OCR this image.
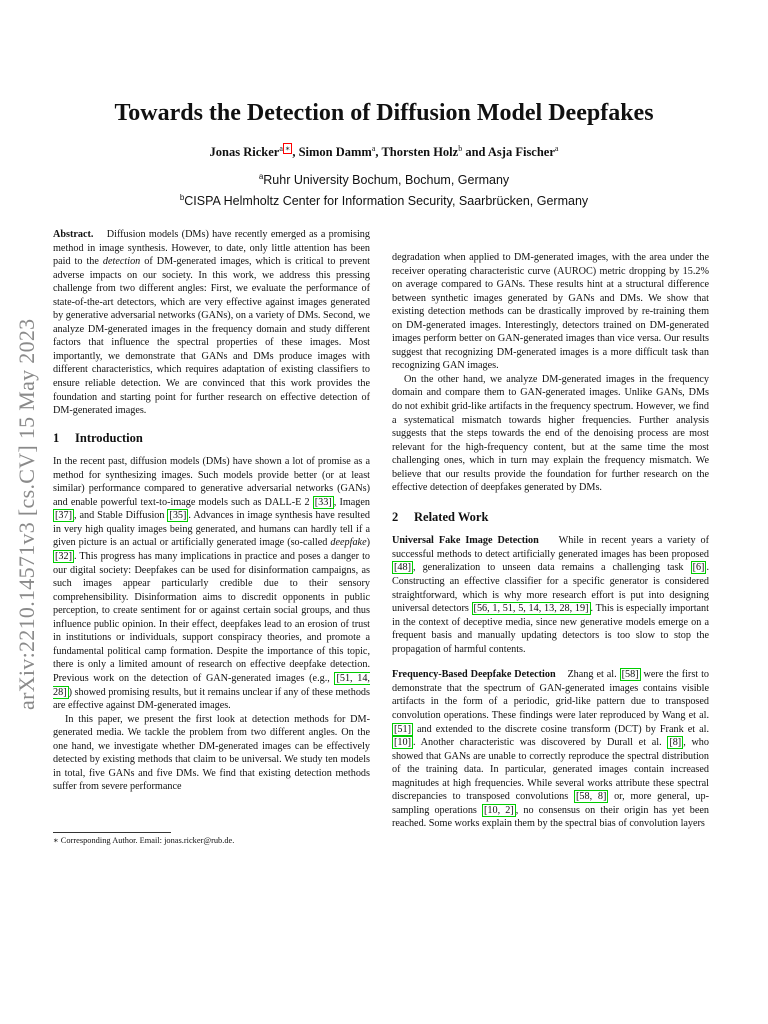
arXiv:2210.14571v3 [cs.CV] 15 May 2023
Towards the Detection of Diffusion Model Deepfakes
Jonas Ricker$^a$ ∗ , Simon Damm$^a$, Thorsten Holz$^b$ and Asja Fischer$^a$
$^a$Ruhr University Bochum, Bochum, Germany
$^b$CISPA Helmholtz Center for Information Security, Saarbrücken, Germany

Abstract. Diffusion models (DMs) have recently emerged as a promising method in image synthesis. However, to date, only little attention has been paid to the detection of DM-generated images, which is critical to prevent adverse impacts on our society. In this work, we address this pressing challenge from two different angles: First, we evaluate the performance of state-of-the-art detectors, which are very effective against images generated by generative adversarial networks (GANs), on a variety of DMs. Second, we analyze DM-generated images in the frequency domain and study different factors that influence the spectral properties of these images. Most importantly, we demonstrate that GANs and DMs produce images with different characteristics, which requires adaptation of existing classifiers to ensure reliable detection. We are convinced that this work provides the foundation and starting point for further research on effective detection of DM-generated images.

1 Introduction

In the recent past, diffusion models (DMs) have shown a lot of promise as a method for synthesizing images. Such models provide better (or at least similar) performance compared to generative adversarial networks (GANs) and enable powerful text-to-image models such as DALL-E 2 [33] , Imagen [37] , and Stable Diffusion [35] . Advances in image synthesis have resulted in very high quality images being generated, and humans can hardly tell if a given picture is an actual or artificially generated image (so-called deepfake) [32] . This progress has many implications in practice and poses a danger to our digital society: Deepfakes can be used for disinformation campaigns, as such images appear particularly credible due to their sensory comprehensibility. Disinformation aims to discredit opponents in public perception, to create sentiment for or against certain social groups, and thus influence public opinion. In their effect, deepfakes lead to an erosion of trust in institutions or individuals, support conspiracy theories, and promote a fundamental political camp formation. Despite the importance of this topic, there is only a limited amount of research on effective deepfake detection. Previous work on the detection of GAN-generated images (e.g., [51, 14, 28] ) showed promising results, but it remains unclear if any of these methods are effective against DM-generated images.

In this paper, we present the first look at detection methods for DM-generated media. We tackle the problem from two different angles. On the one hand, we investigate whether DM-generated images can be effectively detected by existing methods that claim to be universal. We study ten models in total, five GANs and five DMs. We find that existing detection methods suffer from severe performance

∗ Corresponding Author. Email: jonas.ricker@rub.de.

degradation when applied to DM-generated images, with the area under the receiver operating characteristic curve (AUROC) metric dropping by 15.2% on average compared to GANs. These results hint at a structural difference between synthetic images generated by GANs and DMs. We show that existing detection methods can be drastically improved by re-training them on DM-generated images. Interestingly, detectors trained on DM-generated images perform better on GAN-generated images than vice versa. Our results suggest that recognizing DM-generated images is a more difficult task than recognizing GAN images.

On the other hand, we analyze DM-generated images in the frequency domain and compare them to GAN-generated images. Unlike GANs, DMs do not exhibit grid-like artifacts in the frequency spectrum. However, we find a systematical mismatch towards higher frequencies. Further analysis suggests that the steps towards the end of the denoising process are most relevant for the high-frequency content, but at the same time the most challenging ones, which in turn may explain the frequency mismatch. We believe that our results provide the foundation for further research on the effective detection of deepfakes generated by DMs.

2 Related Work

Universal Fake Image Detection While in recent years a variety of successful methods to detect artificially generated images has been proposed [48] , generalization to unseen data remains a challenging task [6] . Constructing an effective classifier for a specific generator is considered straightforward, which is why more research effort is put into designing universal detectors [56, 1, 51, 5, 14, 13, 28, 19] . This is especially important in the context of deceptive media, since new generative models emerge on a frequent basis and manually updating detectors is too slow to stop the propagation of harmful contents.

Frequency-Based Deepfake Detection Zhang et al. [58] were the first to demonstrate that the spectrum of GAN-generated images contains visible artifacts in the form of a periodic, grid-like pattern due to transposed convolution operations. These findings were later reproduced by Wang et al. [51] and extended to the discrete cosine transform (DCT) by Frank et al. [10] . Another characteristic was discovered by Durall et al. [8] , who showed that GANs are unable to correctly reproduce the spectral distribution of the training data. In particular, generated images contain increased magnitudes at high frequencies. While several works attribute these spectral discrepancies to transposed convolutions [58, 8] or, more general, up-sampling operations [10, 2] , no consensus on their origin has yet been reached. Some works explain them by the spectral bias of convolution layers
